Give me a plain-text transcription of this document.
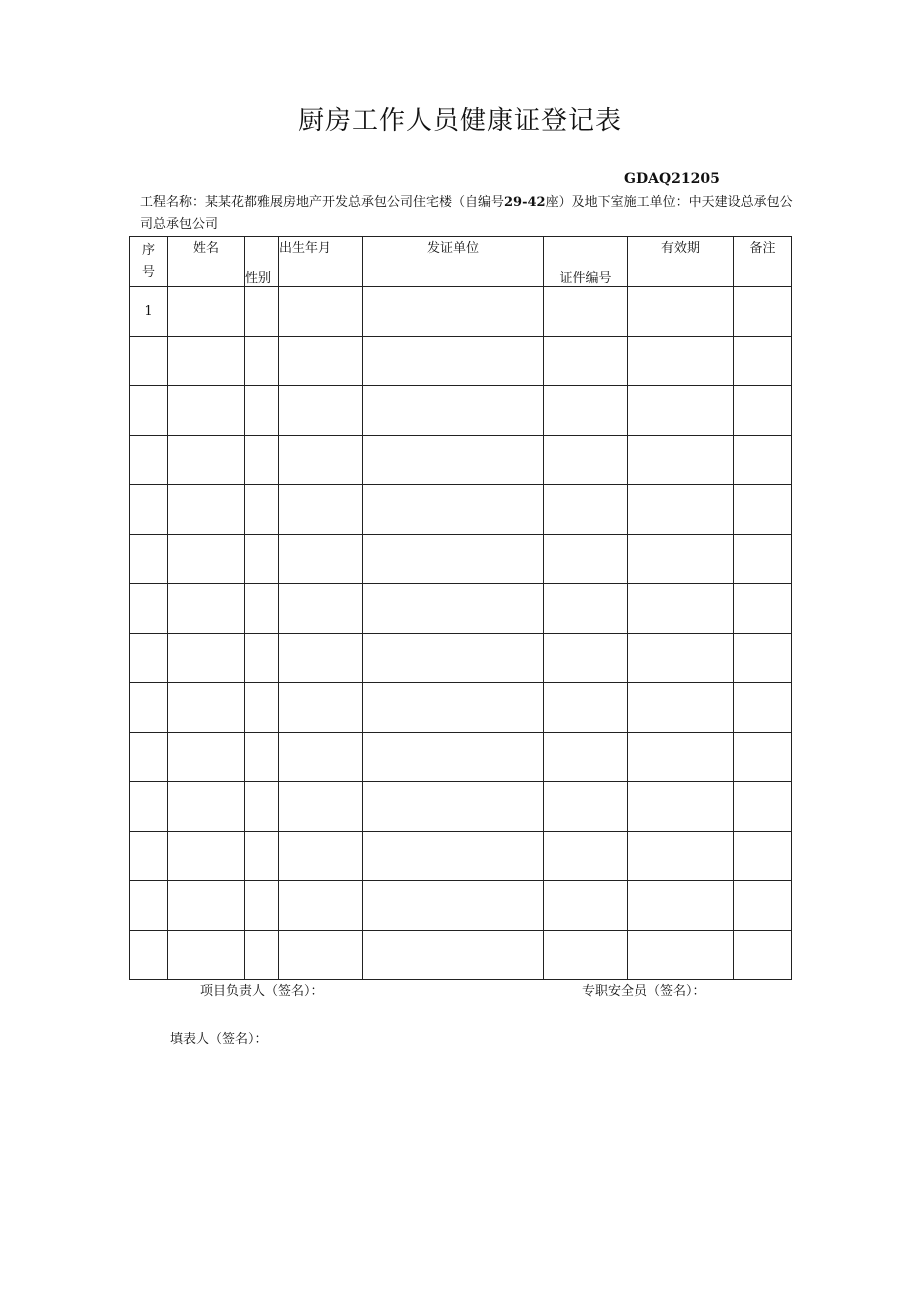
厨房工作人员健康证登记表
GDAQ21205
工程名称：某某花都雅展房地产开发总承包公司住宅楼（自编号29-42座）及地下室施工单位：中天建设总承包公司总承包公司
序
号	姓名	性别	出生年月	发证单位	证件编号	有效期	备注
1							

项目负责人（签名）：	专职安全员（签名）：
填表人（签名）：
